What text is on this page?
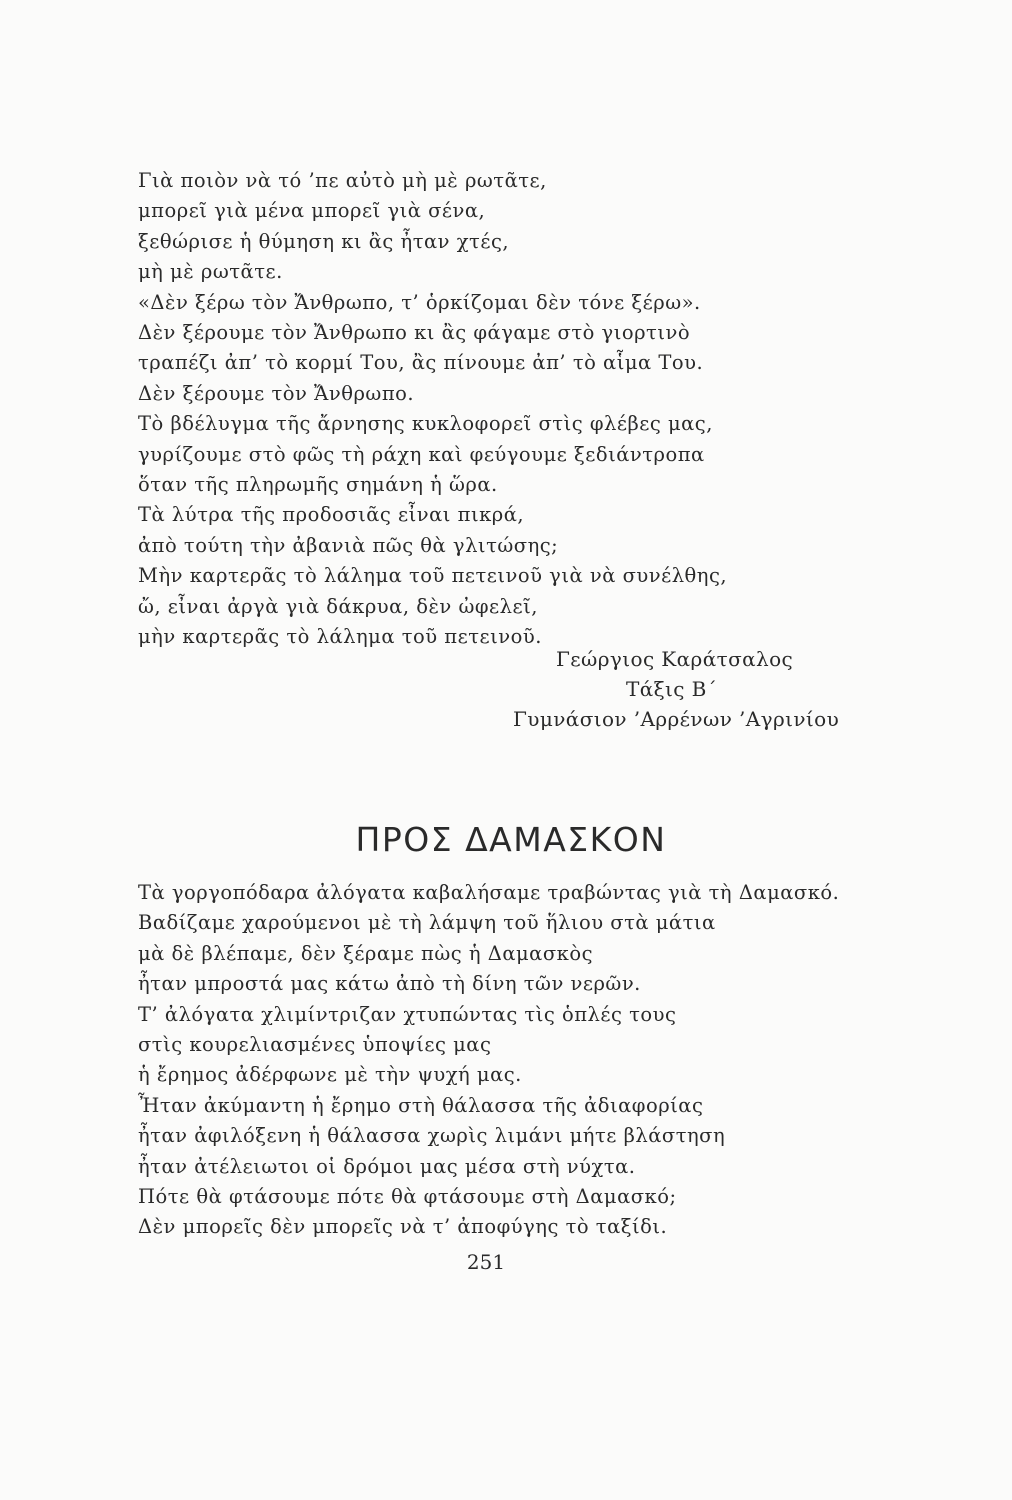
Γιὰ ποιὸν νὰ τό ’πε αὐτὸ μὴ μὲ ρωτᾶτε,
μπορεῖ γιὰ μένα μπορεῖ γιὰ σένα,
ξεθώρισε ἡ θύμηση κι ἂς ἦταν χτές,
μὴ μὲ ρωτᾶτε.
«Δὲν ξέρω τὸν Ἄνθρωπο, τ’ ὁρκίζομαι δὲν τόνε ξέρω».
Δὲν ξέρουμε τὸν Ἄνθρωπο κι ἂς φάγαμε στὸ γιορτινὸ
τραπέζι ἀπ’ τὸ κορμί Του, ἂς πίνουμε ἀπ’ τὸ αἷμα Του.
Δὲν ξέρουμε τὸν Ἄνθρωπο.
Τὸ βδέλυγμα τῆς ἄρνησης κυκλοφορεῖ στὶς φλέβες μας,
γυρίζουμε στὸ φῶς τὴ ράχη καὶ φεύγουμε ξεδιάντροπα
ὅταν τῆς πληρωμῆς σημάνη ἡ ὥρα.
Τὰ λύτρα τῆς προδοσιᾶς εἶναι πικρά,
ἀπὸ τούτη τὴν ἀβανιὰ πῶς θὰ γλιτώσης;
Μὴν καρτερᾶς τὸ λάλημα τοῦ πετεινοῦ γιὰ νὰ συνέλθης,
ὤ, εἶναι ἀργὰ γιὰ δάκρυα, δὲν ὠφελεῖ,
μὴν καρτερᾶς τὸ λάλημα τοῦ πετεινοῦ.
Γεώργιος Καράτσαλος
Τάξις Β΄
Γυμνάσιον ’Αρρένων ’Αγρινίου
ΠΡΟΣ ΔΑΜΑΣΚΟΝ
Τὰ γοργοπόδαρα ἀλόγατα καβαλήσαμε τραβώντας γιὰ τὴ Δαμασκό.
Βαδίζαμε χαρούμενοι μὲ τὴ λάμψη τοῦ ἥλιου στὰ μάτια
μὰ δὲ βλέπαμε, δὲν ξέραμε πὼς ἡ Δαμασκὸς
ἦταν μπροστά μας κάτω ἀπὸ τὴ δίνη τῶν νερῶν.
Τ’ ἀλόγατα χλιμίντριζαν χτυπώντας τὶς ὁπλές τους
στὶς κουρελιασμένες ὑποψίες μας
ἡ ἔρημος ἀδέρφωνε μὲ τὴν ψυχή μας.
Ἦταν ἀκύμαντη ἡ ἔρημο στὴ θάλασσα τῆς ἀδιαφορίας
ἦταν ἀφιλόξενη ἡ θάλασσα χωρὶς λιμάνι μήτε βλάστηση
ἦταν ἀτέλειωτοι οἱ δρόμοι μας μέσα στὴ νύχτα.
Πότε θὰ φτάσουμε πότε θὰ φτάσουμε στὴ Δαμασκό;
Δὲν μπορεῖς δὲν μπορεῖς νὰ τ’ ἀποφύγης τὸ ταξίδι.
251
